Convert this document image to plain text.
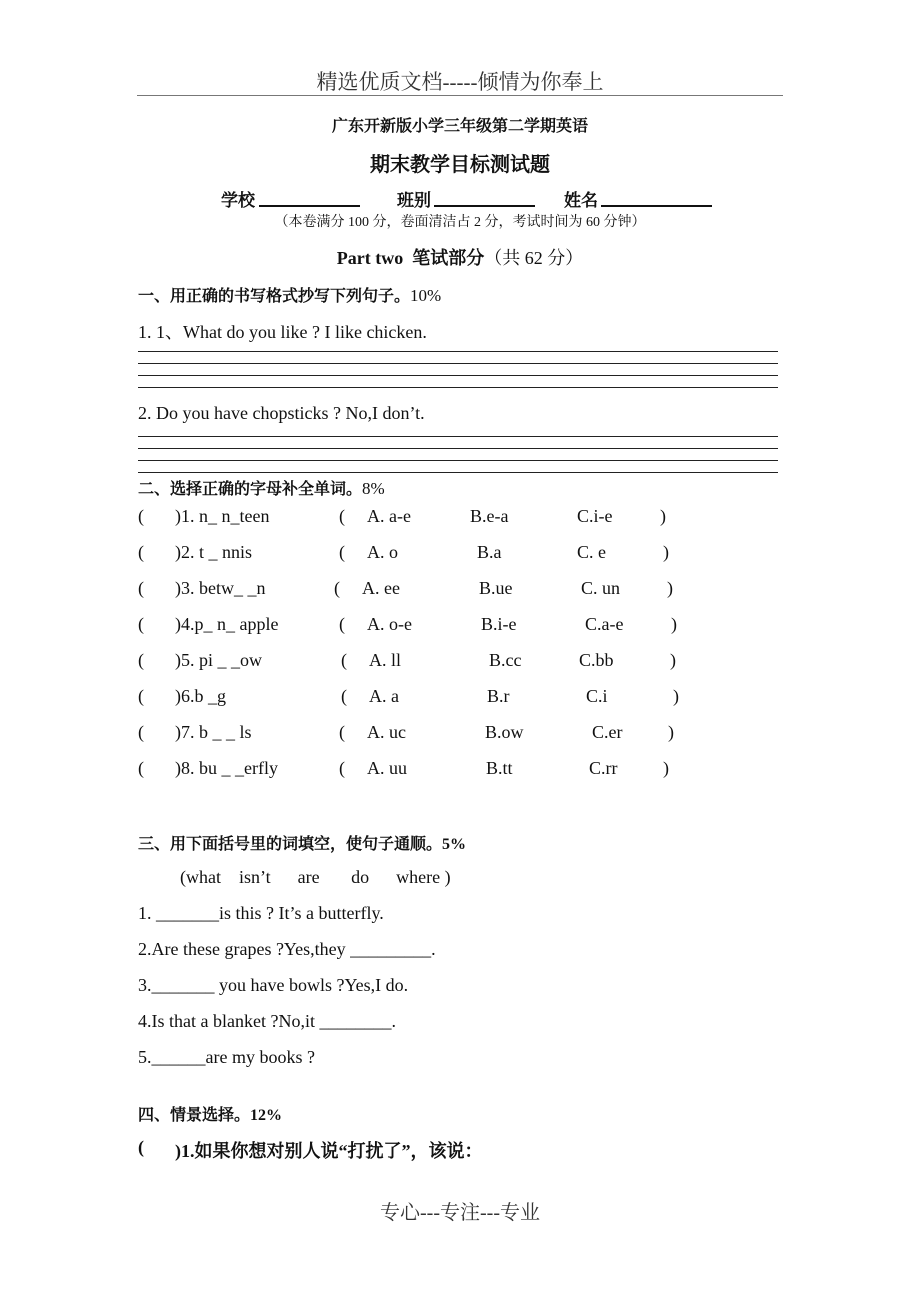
精选优质文档-----倾情为你奉上
广东开新版小学三年级第二学期英语
期末教学目标测试题
学校	班别	姓名
（本卷满分 100 分，卷面清洁占 2 分，考试时间为 60 分钟）
Part two  笔试部分（共 62 分）
一、用正确的书写格式抄写下列句子。10%
1. 1、What do you like ? I like chicken.
2. Do you have chopsticks ? No,I don’t.
二、选择正确的字母补全单词。8%
( )1. n_ n_teen	( A. a-e	B.e-a	C.i-e	)
( )2. t _ nnis	( A. o	B.a	C. e	)
( )3. betw_ _n	( A. ee	B.ue	C. un	)
( )4.p_ n_ apple	( A. o-e	B.i-e	C.a-e	)
( )5. pi _ _ow	( A. ll	B.cc	C.bb	)
( )6.b _g	( A. a	B.r	C.i	)
( )7. b _ _ ls	( A. uc	B.ow	C.er	)
( )8. bu _ _erfly	( A. uu	B.tt	C.rr	)
三、用下面括号里的词填空，使句子通顺。5%
(what    isn’t      are       do      where )
1. _______is this ? It’s a butterfly.
2.Are these grapes ?Yes,they _________.
3._______ you have bowls ?Yes,I do.
4.Is that a blanket ?No,it ________.
5.______are my books ?
四、情景选择。12%
( )1.如果你想对别人说“打扰了”，该说：
专心---专注---专业
